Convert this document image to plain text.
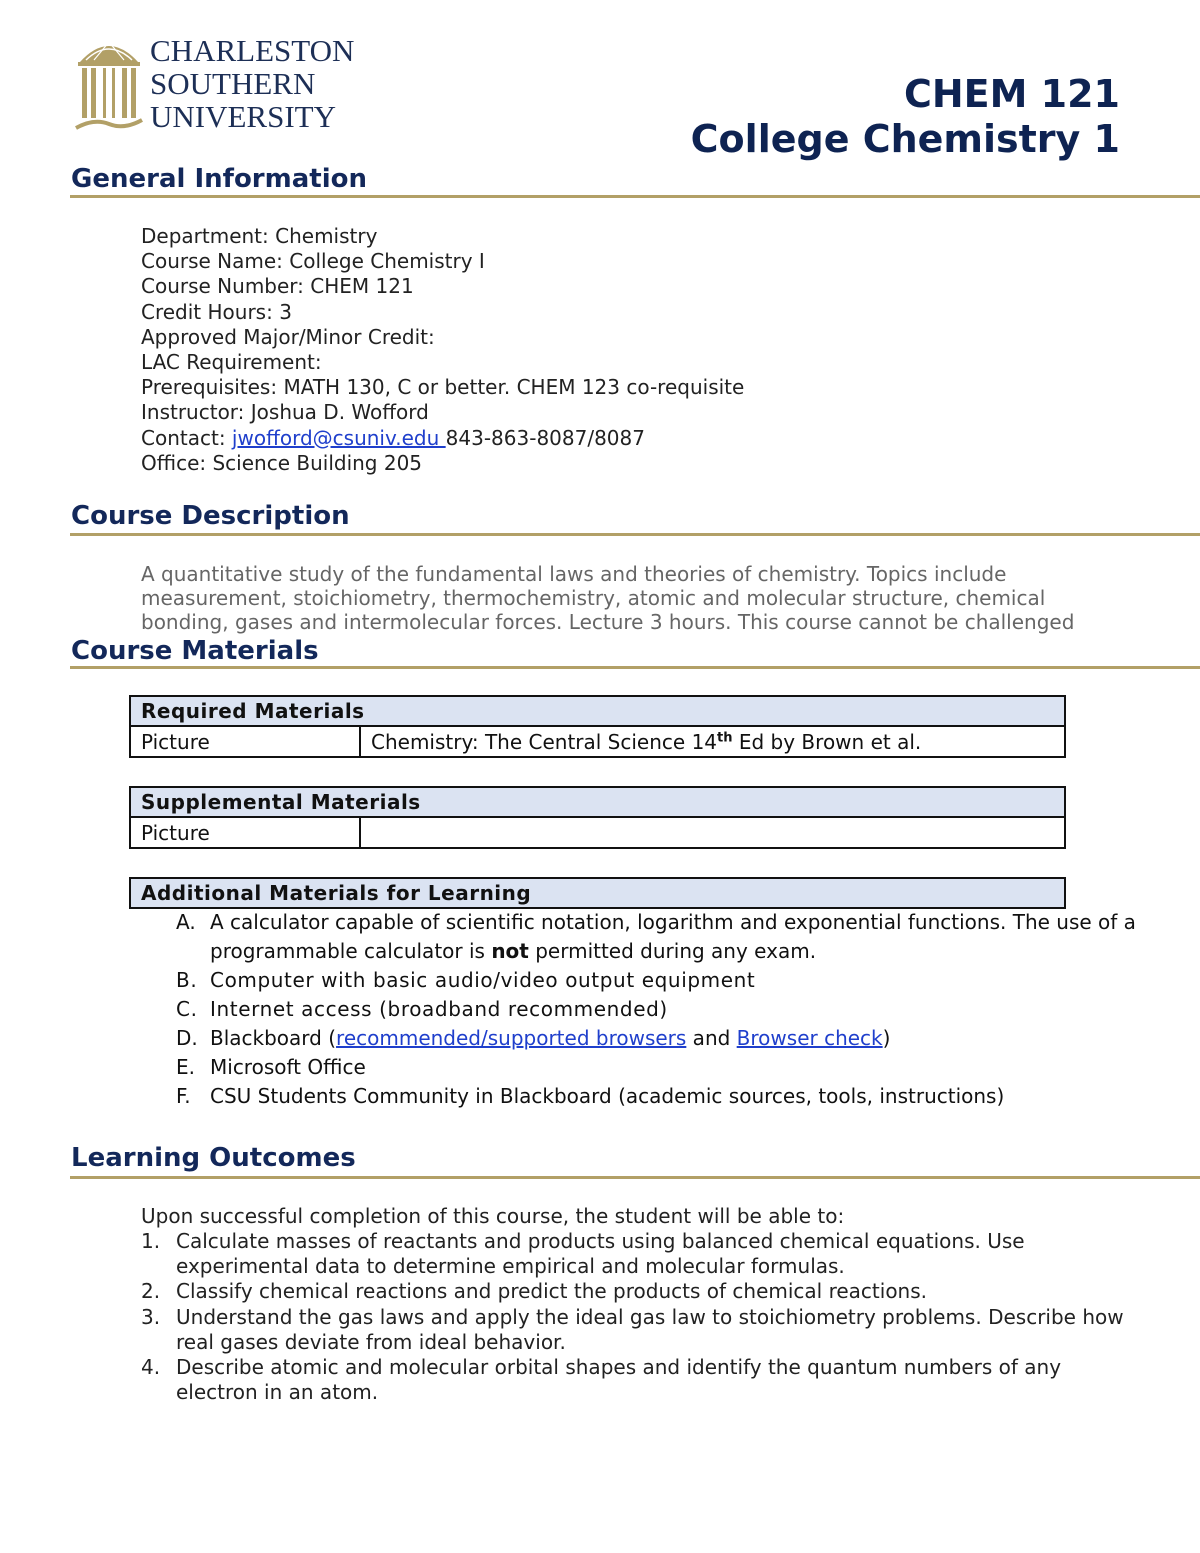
CHARLESTON
SOUTHERN
UNIVERSITY
CHEM 121
College Chemistry 1
General Information
Department: Chemistry
Course Name: College Chemistry I
Course Number: CHEM 121
Credit Hours: 3
Approved Major/Minor Credit:
LAC Requirement:
Prerequisites: MATH 130, C or better. CHEM 123 co-requisite
Instructor: Joshua D. Wofford
Contact: jwofford@csuniv.edu 843-863-8087/8087
Office: Science Building 205
Course Description
A quantitative study of the fundamental laws and theories of chemistry. Topics include measurement, stoichiometry, thermochemistry, atomic and molecular structure, chemical bonding, gases and intermolecular forces. Lecture 3 hours. This course cannot be challenged
Course Materials
Required Materials
Picture	Chemistry: The Central Science 14th Ed by Brown et al.
Supplemental Materials
Picture	
Additional Materials for Learning
A. A calculator capable of scientific notation, logarithm and exponential functions. The use of a programmable calculator is not permitted during any exam.
B. Computer with basic audio/video output equipment
C. Internet access (broadband recommended)
D. Blackboard (recommended/supported browsers and Browser check)
E. Microsoft Office
F. CSU Students Community in Blackboard (academic sources, tools, instructions)
Learning Outcomes
Upon successful completion of this course, the student will be able to:
1. Calculate masses of reactants and products using balanced chemical equations. Use experimental data to determine empirical and molecular formulas.
2. Classify chemical reactions and predict the products of chemical reactions.
3. Understand the gas laws and apply the ideal gas law to stoichiometry problems. Describe how real gases deviate from ideal behavior.
4. Describe atomic and molecular orbital shapes and identify the quantum numbers of any electron in an atom.
